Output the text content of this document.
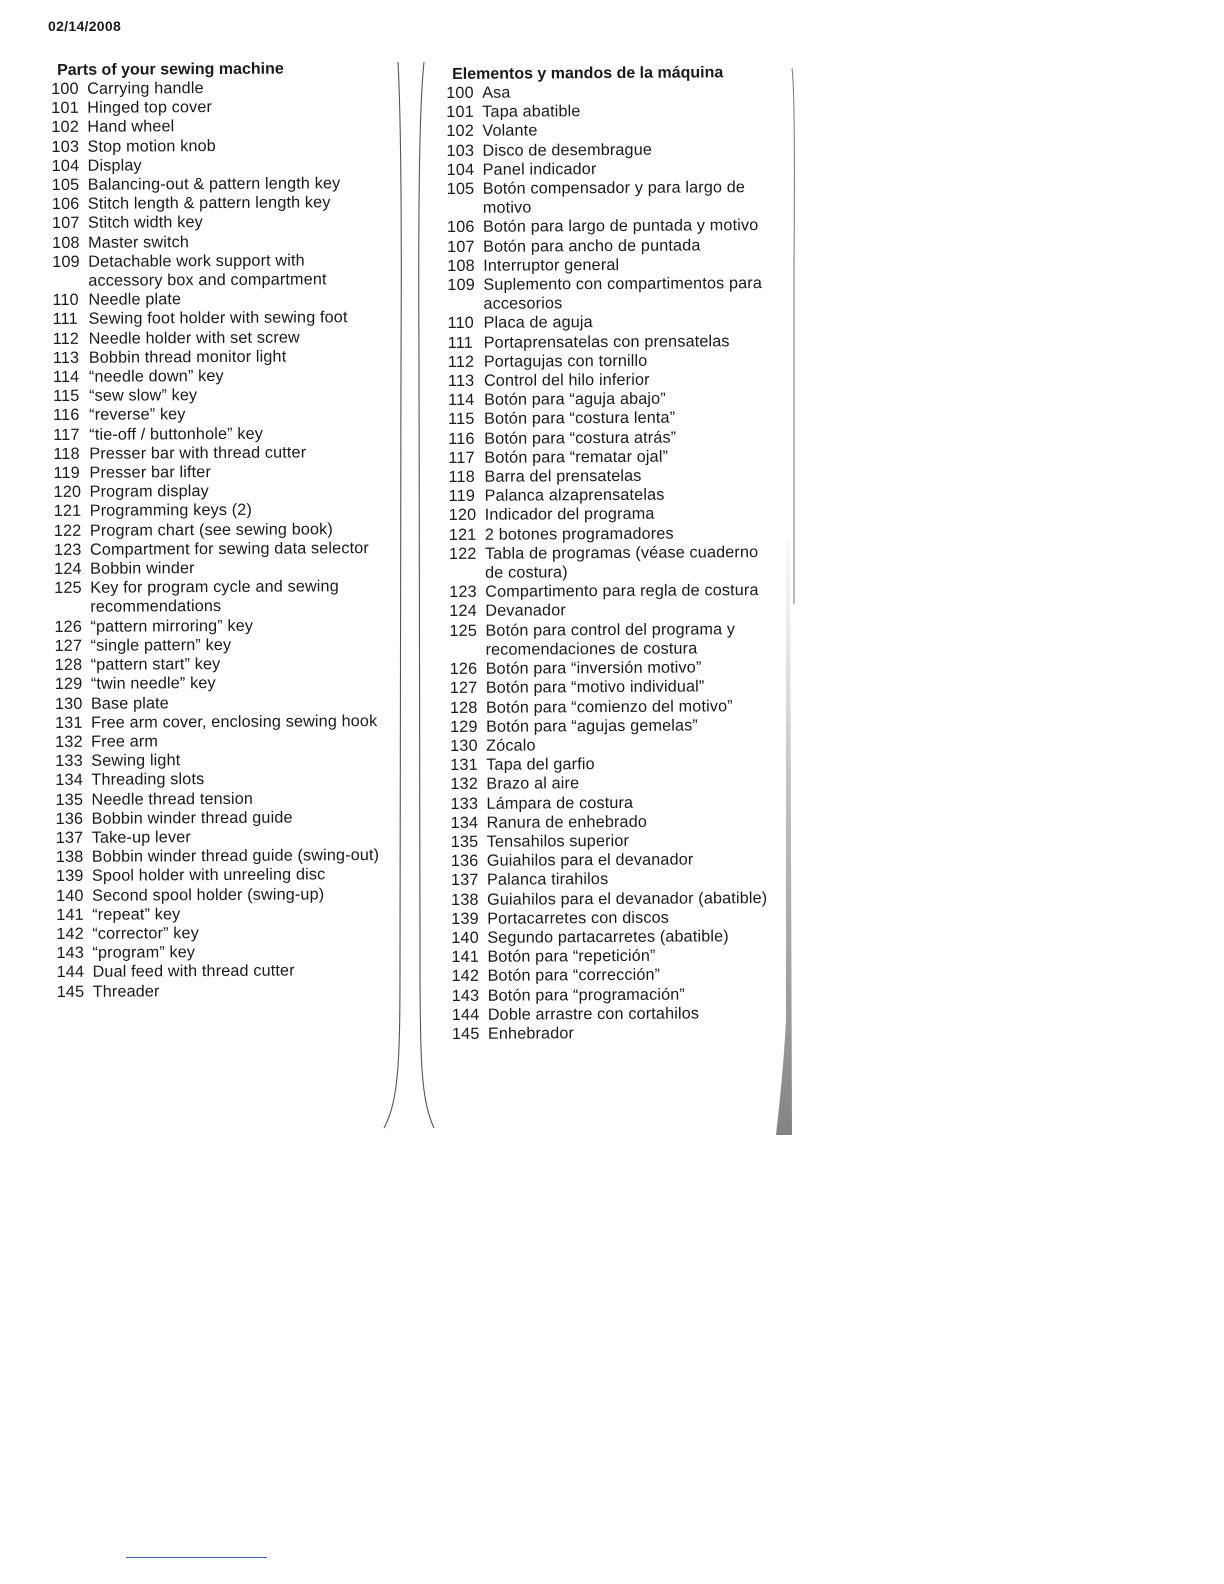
02/14/2008
Parts of your sewing machine
100 Carrying handle
101 Hinged top cover
102 Hand wheel
103 Stop motion knob
104 Display
105 Balancing-out & pattern length key
106 Stitch length & pattern length key
107 Stitch width key
108 Master switch
109 Detachable work support with accessory box and compartment
110 Needle plate
111 Sewing foot holder with sewing foot
112 Needle holder with set screw
113 Bobbin thread monitor light
114 “needle down” key
115 “sew slow” key
116 “reverse” key
117 “tie-off / buttonhole” key
118 Presser bar with thread cutter
119 Presser bar lifter
120 Program display
121 Programming keys (2)
122 Program chart (see sewing book)
123 Compartment for sewing data selector
124 Bobbin winder
125 Key for program cycle and sewing recommendations
126 “pattern mirroring” key
127 “single pattern” key
128 “pattern start” key
129 “twin needle” key
130 Base plate
131 Free arm cover, enclosing sewing hook
132 Free arm
133 Sewing light
134 Threading slots
135 Needle thread tension
136 Bobbin winder thread guide
137 Take-up lever
138 Bobbin winder thread guide (swing-out)
139 Spool holder with unreeling disc
140 Second spool holder (swing-up)
141 “repeat” key
142 “corrector” key
143 “program” key
144 Dual feed with thread cutter
145 Threader
Elementos y mandos de la máquina
100 Asa
101 Tapa abatible
102 Volante
103 Disco de desembrague
104 Panel indicador
105 Botón compensador y para largo de motivo
106 Botón para largo de puntada y motivo
107 Botón para ancho de puntada
108 Interruptor general
109 Suplemento con compartimentos para accesorios
110 Placa de aguja
111 Portaprensatelas con prensatelas
112 Portagujas con tornillo
113 Control del hilo inferior
114 Botón para “aguja abajo”
115 Botón para “costura lenta”
116 Botón para “costura atrás”
117 Botón para “rematar ojal”
118 Barra del prensatelas
119 Palanca alzaprensatelas
120 Indicador del programa
121 2 botones programadores
122 Tabla de programas (véase cuaderno de costura)
123 Compartimento para regla de costura
124 Devanador
125 Botón para control del programa y recomendaciones de costura
126 Botón para “inversión motivo”
127 Botón para “motivo individual”
128 Botón para “comienzo del motivo”
129 Botón para “agujas gemelas”
130 Zócalo
131 Tapa del garfio
132 Brazo al aire
133 Lámpara de costura
134 Ranura de enhebrado
135 Tensahilos superior
136 Guiahilos para el devanador
137 Palanca tirahilos
138 Guiahilos para el devanador (abatible)
139 Portacarretes con discos
140 Segundo partacarretes (abatible)
141 Botón para “repetición”
142 Botón para “corrección”
143 Botón para “programación”
144 Doble arrastre con cortahilos
145 Enhebrador
